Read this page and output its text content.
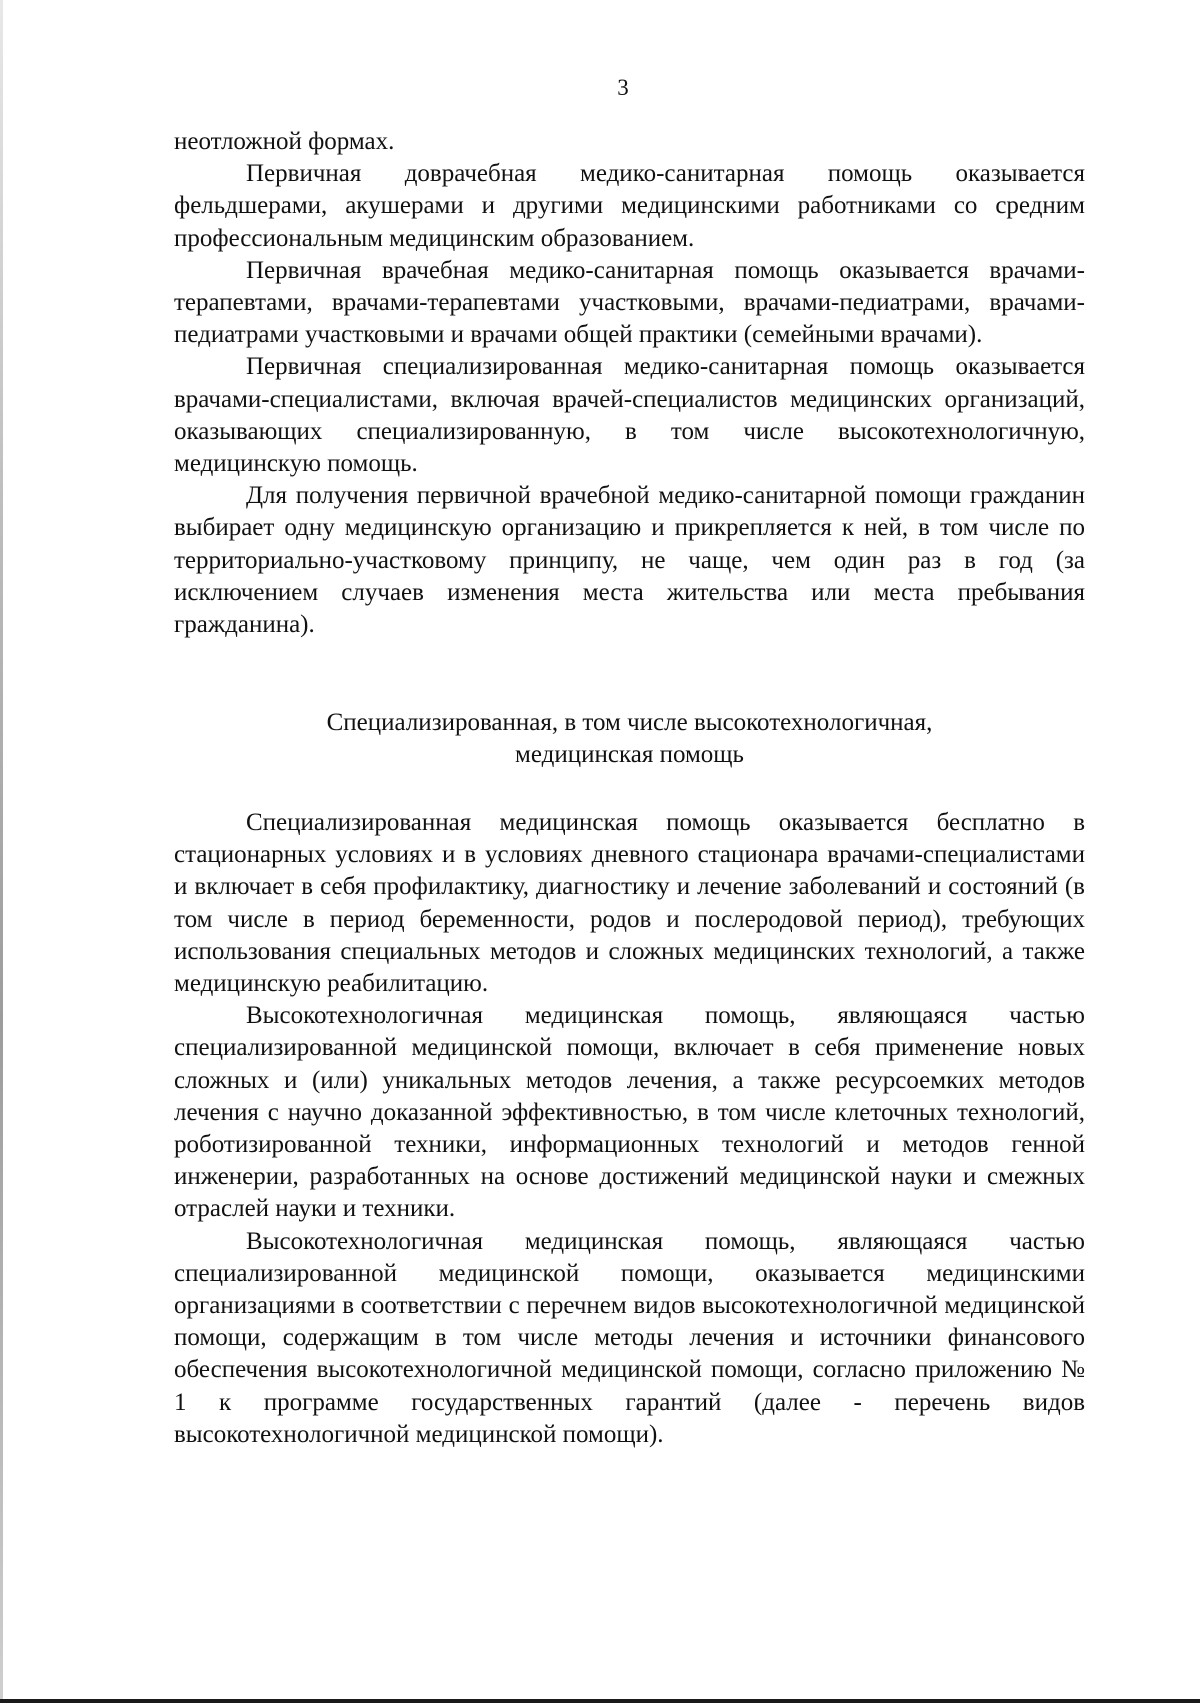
3

неотложной формах.

Первичная доврачебная медико-санитарная помощь оказывается фельдшерами, акушерами и другими медицинскими работниками со средним профессиональным медицинским образованием.

Первичная врачебная медико-санитарная помощь оказывается врачами-терапевтами, врачами-терапевтами участковыми, врачами-педиатрами, врачами-педиатрами участковыми и врачами общей практики (семейными врачами).

Первичная специализированная медико-санитарная помощь оказывается врачами-специалистами, включая врачей-специалистов медицинских организаций, оказывающих специализированную, в том числе высокотехнологичную, медицинскую помощь.

Для получения первичной врачебной медико-санитарной помощи гражданин выбирает одну медицинскую организацию и прикрепляется к ней, в том числе по территориально-участковому принципу, не чаще, чем один раз в год (за исключением случаев изменения места жительства или места пребывания гражданина).

Специализированная, в том числе высокотехнологичная,
медицинская помощь

Специализированная медицинская помощь оказывается бесплатно в стационарных условиях и в условиях дневного стационара врачами-специалистами и включает в себя профилактику, диагностику и лечение заболеваний и состояний (в том числе в период беременности, родов и послеродовой период), требующих использования специальных методов и сложных медицинских технологий, а также медицинскую реабилитацию.

Высокотехнологичная медицинская помощь, являющаяся частью специализированной медицинской помощи, включает в себя применение новых сложных и (или) уникальных методов лечения, а также ресурсоемких методов лечения с научно доказанной эффективностью, в том числе клеточных технологий, роботизированной техники, информационных технологий и методов генной инженерии, разработанных на основе достижений медицинской науки и смежных отраслей науки и техники.

Высокотехнологичная медицинская помощь, являющаяся частью специализированной медицинской помощи, оказывается медицинскими организациями в соответствии с перечнем видов высокотехнологичной медицинской помощи, содержащим в том числе методы лечения и источники финансового обеспечения высокотехнологичной медицинской помощи, согласно приложению № 1 к программе государственных гарантий (далее - перечень видов высокотехнологичной медицинской помощи).
